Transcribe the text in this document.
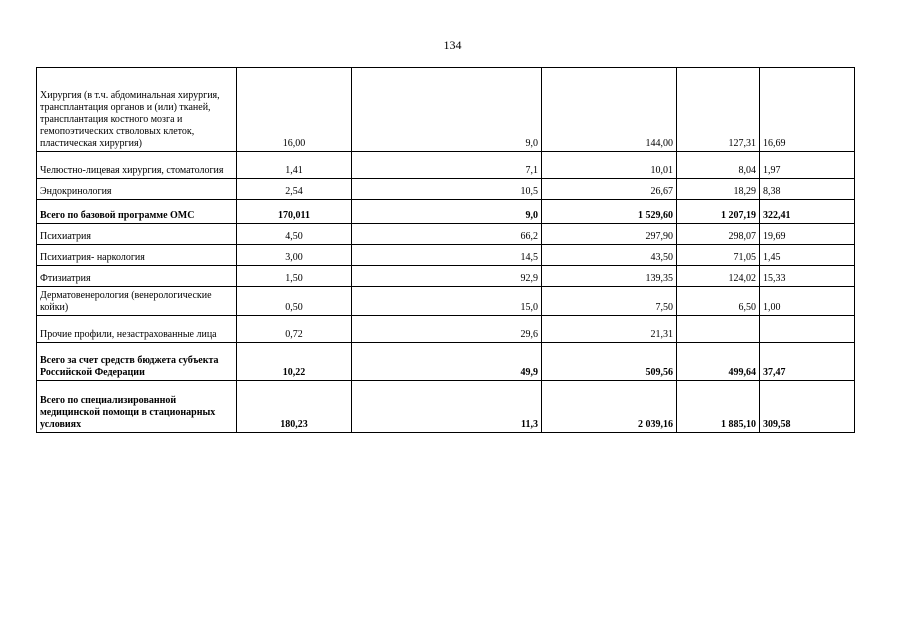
134
Хирургия (в т.ч. абдоминальная хирургия, трансплантация органов и (или) тканей, трансплантация костного мозга и гемопоэтических стволовых клеток, пластическая хирургия)	16,00	9,0	144,00	127,31	16,69
Челюстно-лицевая хирургия, стоматология	1,41	7,1	10,01	8,04	1,97
Эндокринология	2,54	10,5	26,67	18,29	8,38
Всего по базовой программе ОМС	170,011	9,0	1 529,60	1 207,19	322,41
Психиатрия	4,50	66,2	297,90	298,07	19,69
Психиатрия- наркология	3,00	14,5	43,50	71,05	1,45
Фтизиатрия	1,50	92,9	139,35	124,02	15,33
Дерматовенерология (венерологические койки)	0,50	15,0	7,50	6,50	1,00
Прочие профили, незастрахованные лица	0,72	29,6	21,31		
Всего за счет средств бюджета субъекта Российской Федерации	10,22	49,9	509,56	499,64	37,47
Всего по специализированной медицинской помощи в стационарных условиях	180,23	11,3	2 039,16	1 885,10	309,58
